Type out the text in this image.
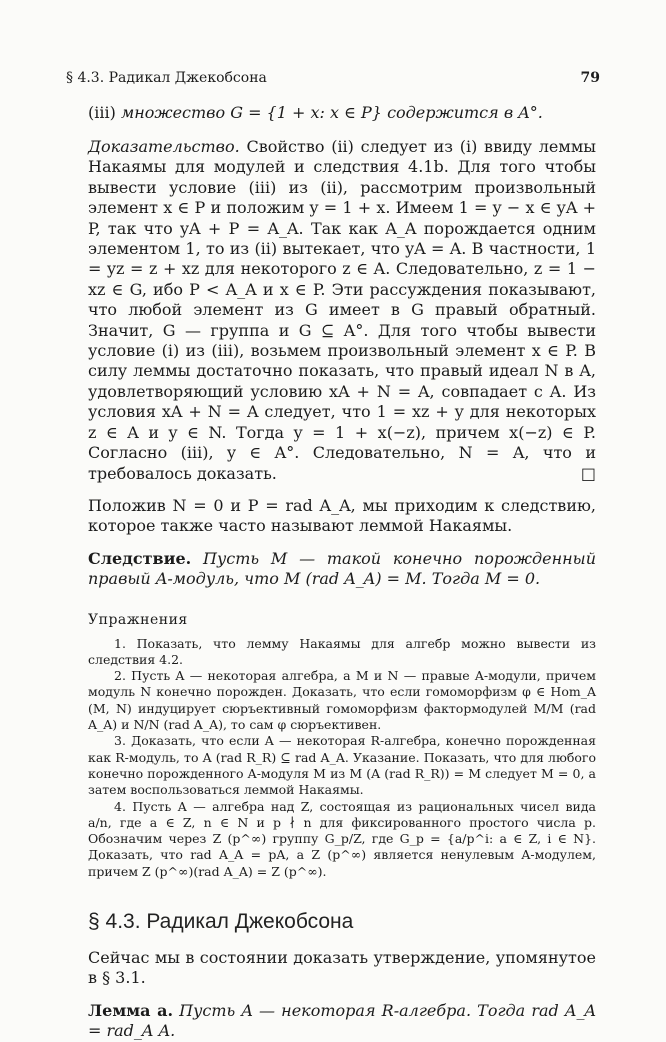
§ 4.3. Радикал Джекобсона	79

(iii) множество G = {1 + x: x ∈ P} содержится в A°.

Доказательство. Свойство (ii) следует из (i) ввиду леммы Накаямы для модулей и следствия 4.1b. Для того чтобы вывести условие (iii) из (ii), рассмотрим произвольный элемент x ∈ P и положим y = 1 + x. Имеем 1 = y − x ∈ yA + P, так что yA + P = A_A. Так как A_A порождается одним элементом 1, то из (ii) вытекает, что yA = A. В частности, 1 = yz = z + xz для некоторого z ∈ A. Следовательно, z = 1 − xz ∈ G, ибо P < A_A и x ∈ P. Эти рассуждения показывают, что любой элемент из G имеет в G правый обратный. Значит, G — группа и G ⊆ A°. Для того чтобы вывести условие (i) из (iii), возьмем произвольный элемент x ∈ P. В силу леммы достаточно показать, что правый идеал N в A, удовлетворяющий условию xA + N = A, совпадает с A. Из условия xA + N = A следует, что 1 = xz + y для некоторых z ∈ A и y ∈ N. Тогда y = 1 + x(−z), причем x(−z) ∈ P. Согласно (iii), y ∈ A°. Следовательно, N = A, что и требовалось доказать.	□

Положив N = 0 и P = rad A_A, мы приходим к следствию, которое также часто называют леммой Накаямы.

Следствие. Пусть M — такой конечно порожденный правый A-модуль, что M (rad A_A) = M. Тогда M = 0.

Упражнения

1. Показать, что лемму Накаямы для алгебр можно вывести из следствия 4.2.

2. Пусть A — некоторая алгебра, а M и N — правые A-модули, причем модуль N конечно порожден. Доказать, что если гомоморфизм φ ∈ Hom_A (M, N) индуцирует сюръективный гомоморфизм фактормодулей M/M (rad A_A) и N/N (rad A_A), то сам φ сюръективен.

3. Доказать, что если A — некоторая R-алгебра, конечно порожденная как R-модуль, то A (rad R_R) ⊆ rad A_A. Указание. Показать, что для любого конечно порожденного A-модуля M из M (A (rad R_R)) = M следует M = 0, а затем воспользоваться леммой Накаямы.

4. Пусть A — алгебра над Z, состоящая из рациональных чисел вида a/n, где a ∈ Z, n ∈ N и p ∤ n для фиксированного простого числа p. Обозначим через Z (p^∞) группу G_p/Z, где G_p = {a/p^i: a ∈ Z, i ∈ N}. Доказать, что rad A_A = pA, а Z (p^∞) является ненулевым A-модулем, причем Z (p^∞)(rad A_A) = Z (p^∞).

§ 4.3. Радикал Джекобсона

Сейчас мы в состоянии доказать утверждение, упомянутое в § 3.1.

Лемма a. Пусть A — некоторая R-алгебра. Тогда rad A_A = rad_A A.
